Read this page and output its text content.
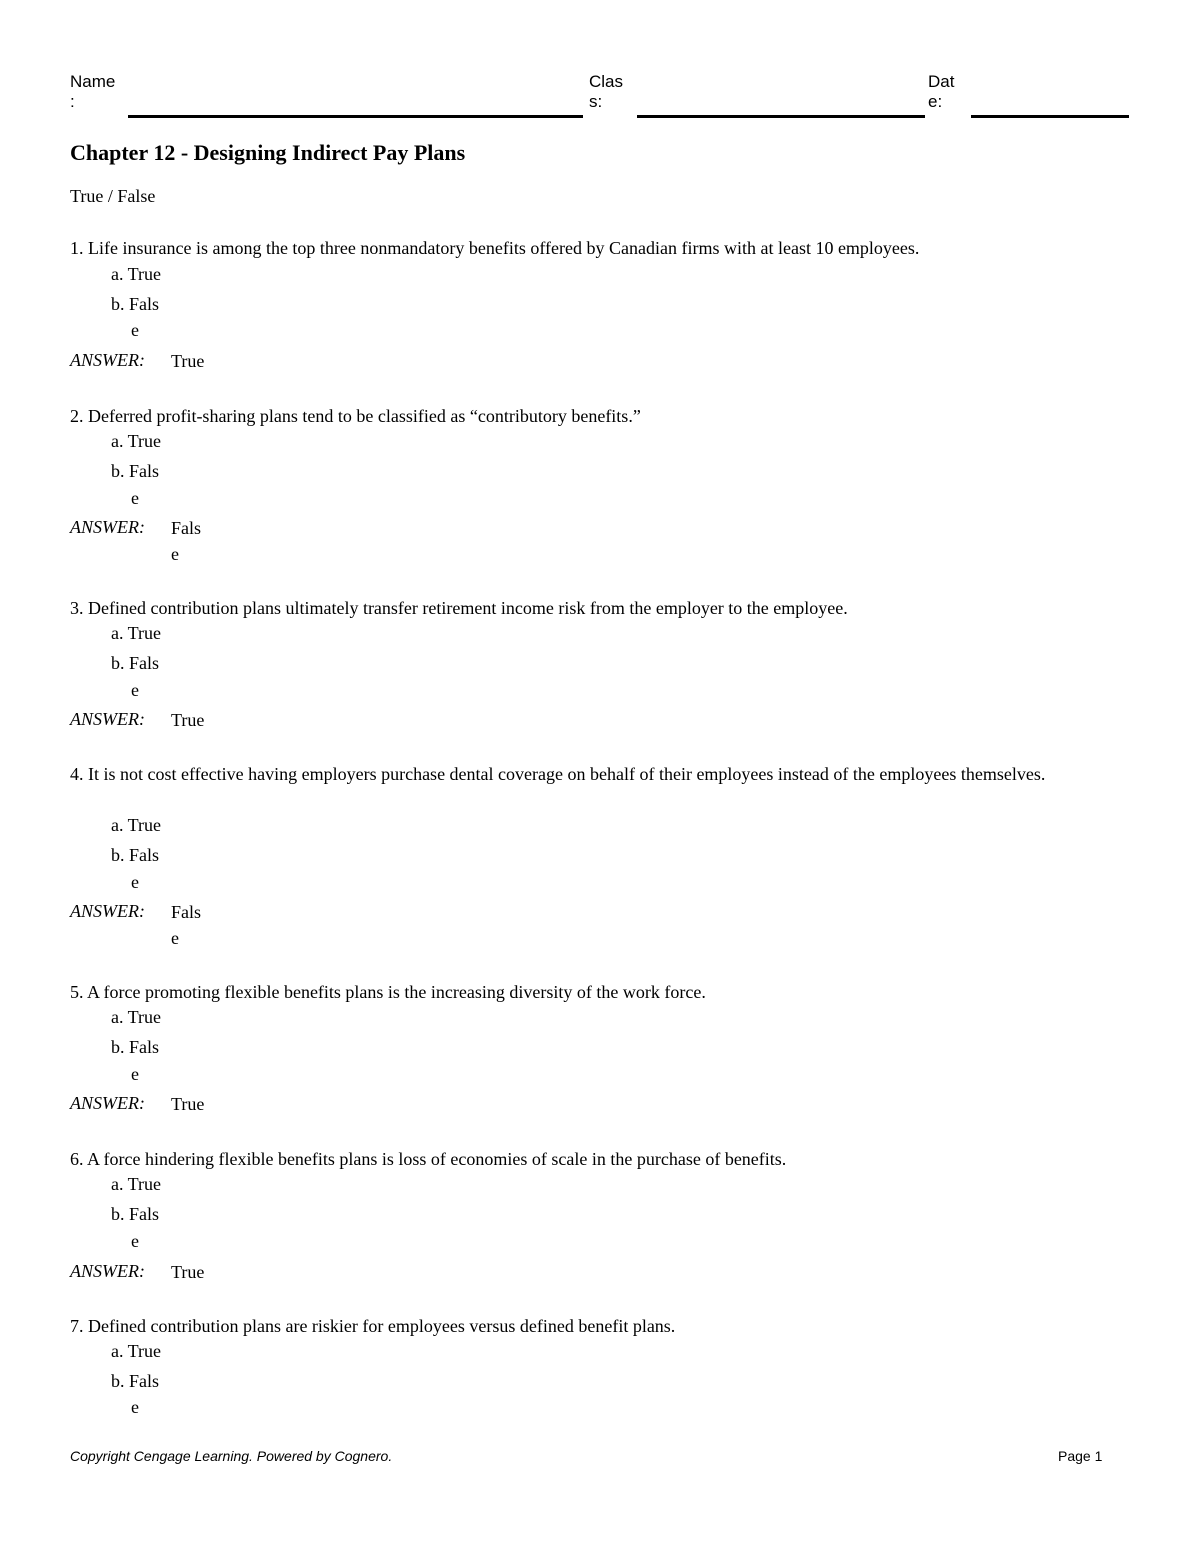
Name
:
Clas
s:
Dat
e:
Chapter 12 - Designing Indirect Pay Plans
True / False
1. Life insurance is among the top three nonmandatory benefits offered by Canadian firms with at least 10 employees.
a. True
b. Fals
e
ANSWER: True
2. Deferred profit-sharing plans tend to be classified as “contributory benefits.”
a. True
b. Fals
e
ANSWER: Fals
e
3. Defined contribution plans ultimately transfer retirement income risk from the employer to the employee.
a. True
b. Fals
e
ANSWER: True
4. It is not cost effective having employers purchase dental coverage on behalf of their employees instead of the employees themselves.
a. True
b. Fals
e
ANSWER: Fals
e
5. A force promoting flexible benefits plans is the increasing diversity of the work force.
a. True
b. Fals
e
ANSWER: True
6. A force hindering flexible benefits plans is loss of economies of scale in the purchase of benefits.
a. True
b. Fals
e
ANSWER: True
7. Defined contribution plans are riskier for employees versus defined benefit plans.
a. True
b. Fals
e
Copyright Cengage Learning. Powered by Cognero.	Page 1
